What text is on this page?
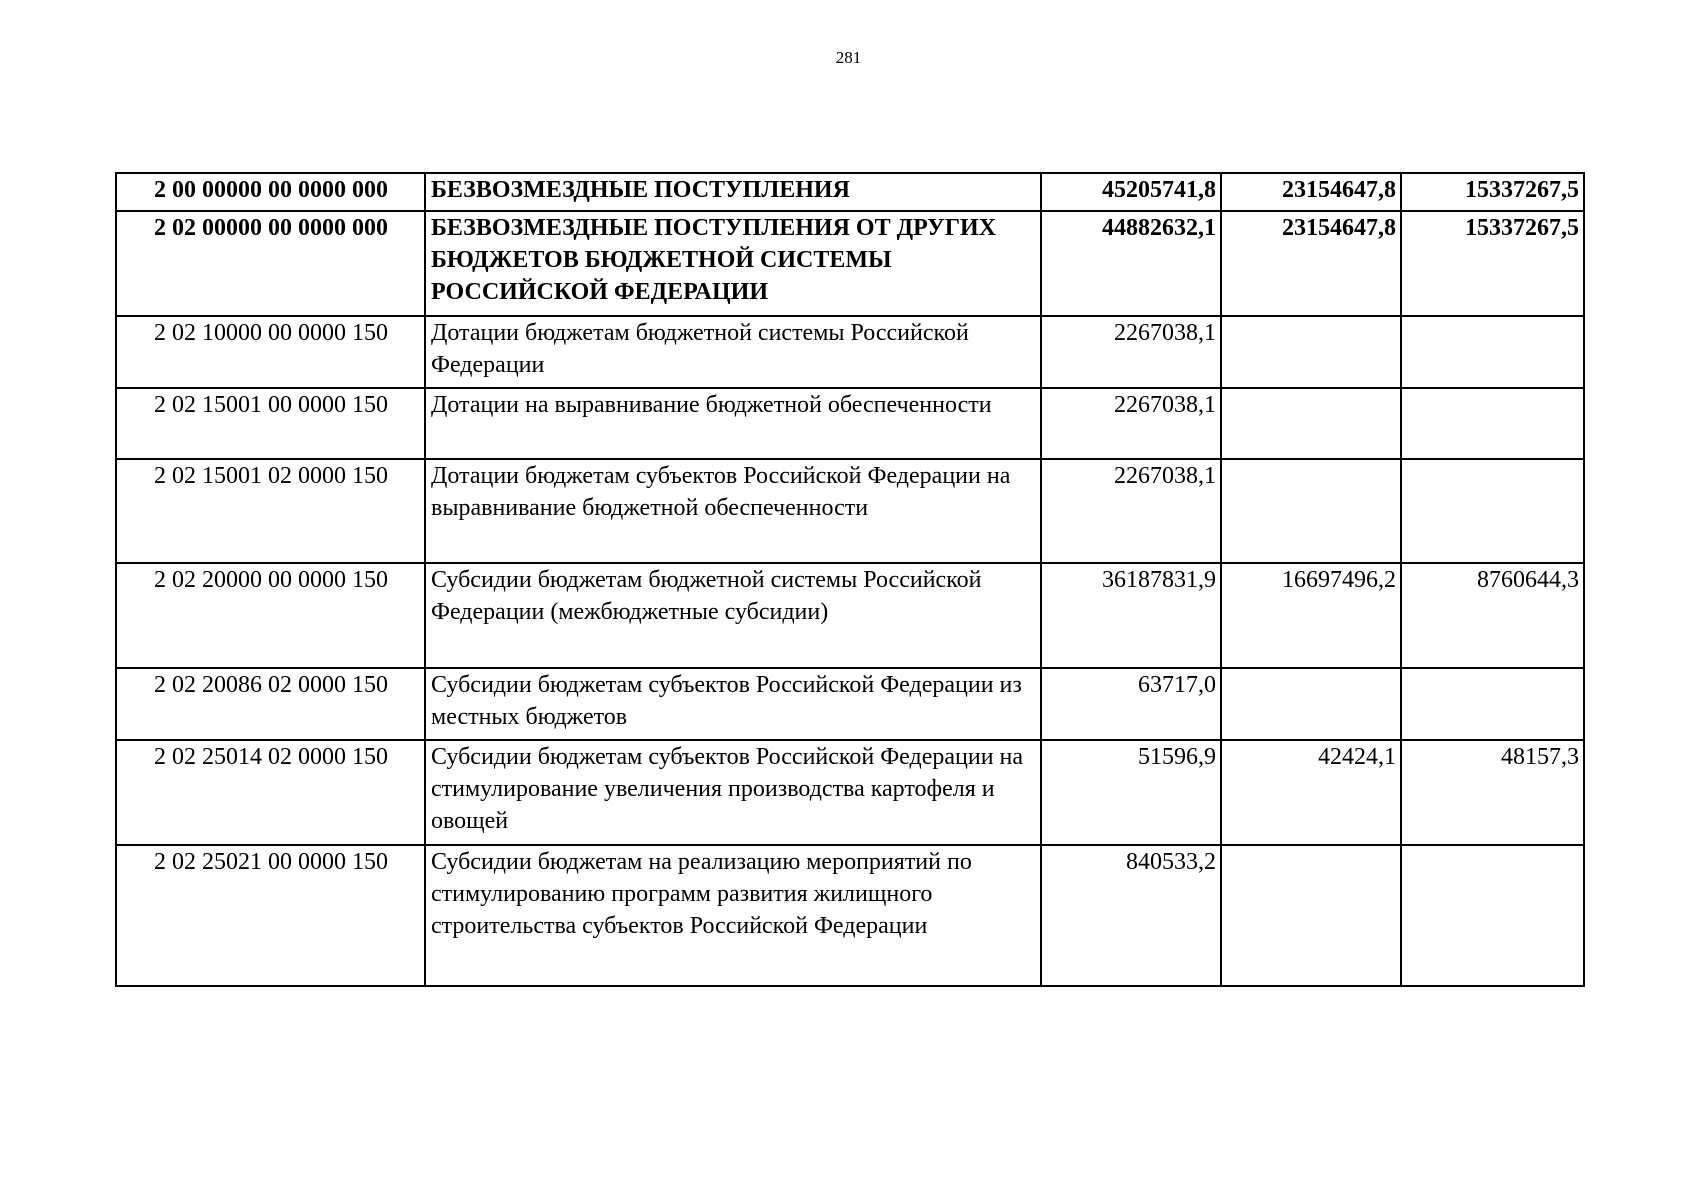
281
2 00 00000 00 0000 000	БЕЗВОЗМЕЗДНЫЕ ПОСТУПЛЕНИЯ	45205741,8	23154647,8	15337267,5
2 02 00000 00 0000 000	БЕЗВОЗМЕЗДНЫЕ ПОСТУПЛЕНИЯ ОТ ДРУГИХ БЮДЖЕТОВ БЮДЖЕТНОЙ СИСТЕМЫ РОССИЙСКОЙ ФЕДЕРАЦИИ	44882632,1	23154647,8	15337267,5
2 02 10000 00 0000 150	Дотации бюджетам бюджетной системы Российской Федерации	2267038,1		
2 02 15001 00 0000 150	Дотации на выравнивание бюджетной обеспеченности	2267038,1		
2 02 15001 02 0000 150	Дотации бюджетам субъектов Российской Федерации на выравнивание бюджетной обеспеченности	2267038,1		
2 02 20000 00 0000 150	Субсидии бюджетам бюджетной системы Российской Федерации (межбюджетные субсидии)	36187831,9	16697496,2	8760644,3
2 02 20086 02 0000 150	Субсидии бюджетам субъектов Российской Федерации из местных бюджетов	63717,0		
2 02 25014 02 0000 150	Субсидии бюджетам субъектов Российской Федерации на стимулирование увеличения производства картофеля и овощей	51596,9	42424,1	48157,3
2 02 25021 00 0000 150	Субсидии бюджетам на реализацию мероприятий по стимулированию программ развития жилищного строительства субъектов Российской Федерации	840533,2		
